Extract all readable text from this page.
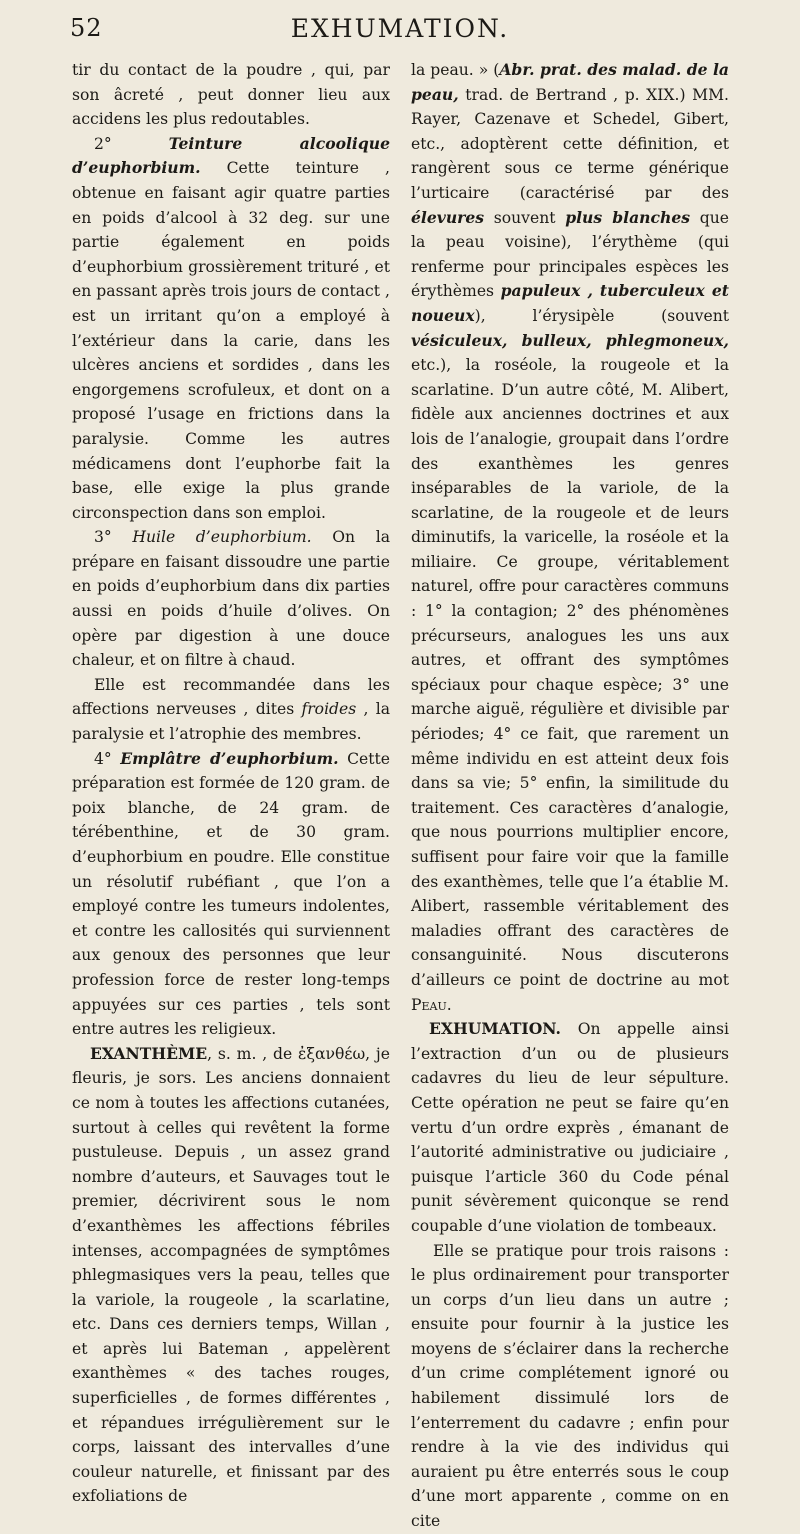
52	EXHUMATION.

tir du contact de la poudre , qui, par son âcreté , peut donner lieu aux accidens les plus redoutables.

2°	Teinture alcoolique d’euphorbium. Cette teinture , obtenue en faisant agir quatre parties en poids d’alcool à 32 deg. sur une partie également en poids d’euphorbium grossièrement trituré , et en passant après trois jours de contact , est un irritant qu’on a employé à l’extérieur dans la carie, dans les ulcères anciens et sordides , dans les engorgemens scrofuleux, et dont on a proposé l’usage en frictions dans la paralysie. Comme les autres médicamens dont l’euphorbe fait la base, elle exige la plus grande circonspection dans son emploi.

3° Huile d’euphorbium. On la prépare en faisant dissoudre une partie en poids d’euphorbium dans dix parties aussi en poids d’huile d’olives. On opère par digestion à une douce chaleur, et on filtre à chaud.

Elle est recommandée dans les affections nerveuses , dites froides , la paralysie et l’atrophie des membres.

4° Emplâtre d’euphorbium. Cette préparation est formée de 120 gram. de poix blanche, de 24 gram. de térébenthine, et de 30 gram. d’euphorbium en poudre. Elle constitue un résolutif rubéfiant , que l’on a employé contre les tumeurs indolentes, et contre les callosités qui surviennent aux genoux des personnes que leur profession force de rester long-temps appuyées sur ces parties , tels sont entre autres les religieux.

EXANTHÈME, s. m. , de ἐξανθέω, je fleuris, je sors. Les anciens donnaient ce nom à toutes les affections cutanées, surtout à celles qui revêtent la forme pustuleuse. Depuis , un assez grand nombre d’auteurs, et Sauvages tout le premier, décrivirent sous le nom d’exanthèmes les affections fébriles intenses, accompagnées de symptômes phlegmasiques vers la peau, telles que la variole, la rougeole , la scarlatine, etc. Dans ces derniers temps, Willan , et après lui Bateman , appelèrent exanthèmes « des taches rouges, superficielles , de formes différentes , et répandues irrégulièrement sur le corps, laissant des intervalles d’une couleur naturelle, et finissant par des exfoliations de

la peau. » (Abr. prat. des malad. de la peau, trad. de Bertrand , p. XIX.) MM. Rayer, Cazenave et Schedel, Gibert, etc., adoptèrent cette définition, et rangèrent sous ce terme générique l’urticaire (caractérisé par des élevures souvent plus blanches que la peau voisine), l’érythème (qui renferme pour principales espèces les érythèmes papuleux , tuberculeux et noueux), l’érysipèle (souvent vésiculeux, bulleux, phlegmoneux, etc.), la roséole, la rougeole et la scarlatine. D’un autre côté, M. Alibert, fidèle aux anciennes doctrines et aux lois de l’analogie, groupait dans l’ordre des exanthèmes les genres inséparables de la variole, de la scarlatine, de la rougeole et de leurs diminutifs, la varicelle, la roséole et la miliaire. Ce groupe, véritablement naturel, offre pour caractères communs : 1° la contagion; 2° des phénomènes précurseurs, analogues les uns aux autres, et offrant des symptômes spéciaux pour chaque espèce; 3° une marche aiguë, régulière et divisible par périodes; 4° ce fait, que rarement un même individu en est atteint deux fois dans sa vie; 5° enfin, la similitude du traitement. Ces caractères d’analogie, que nous pourrions multiplier encore, suffisent pour faire voir que la famille des exanthèmes, telle que l’a établie M. Alibert, rassemble véritablement des maladies offrant des caractères de consanguinité. Nous discuterons d’ailleurs ce point de doctrine au mot Peau.

EXHUMATION. On appelle ainsi l’extraction d’un ou de plusieurs cadavres du lieu de leur sépulture. Cette opération ne peut se faire qu’en vertu d’un ordre exprès , émanant de l’autorité administrative ou judiciaire , puisque l’article 360 du Code pénal punit sévèrement quiconque se rend coupable d’une violation de tombeaux.

Elle se pratique pour trois raisons : le plus ordinairement pour transporter un corps d’un lieu dans un autre ; ensuite pour fournir à la justice les moyens de s’éclairer dans la recherche d’un crime complétement ignoré ou habilement dissimulé lors de l’enterrement du cadavre ; enfin pour rendre à la vie des individus qui auraient pu être enterrés sous le coup d’une mort apparente , comme on en cite
